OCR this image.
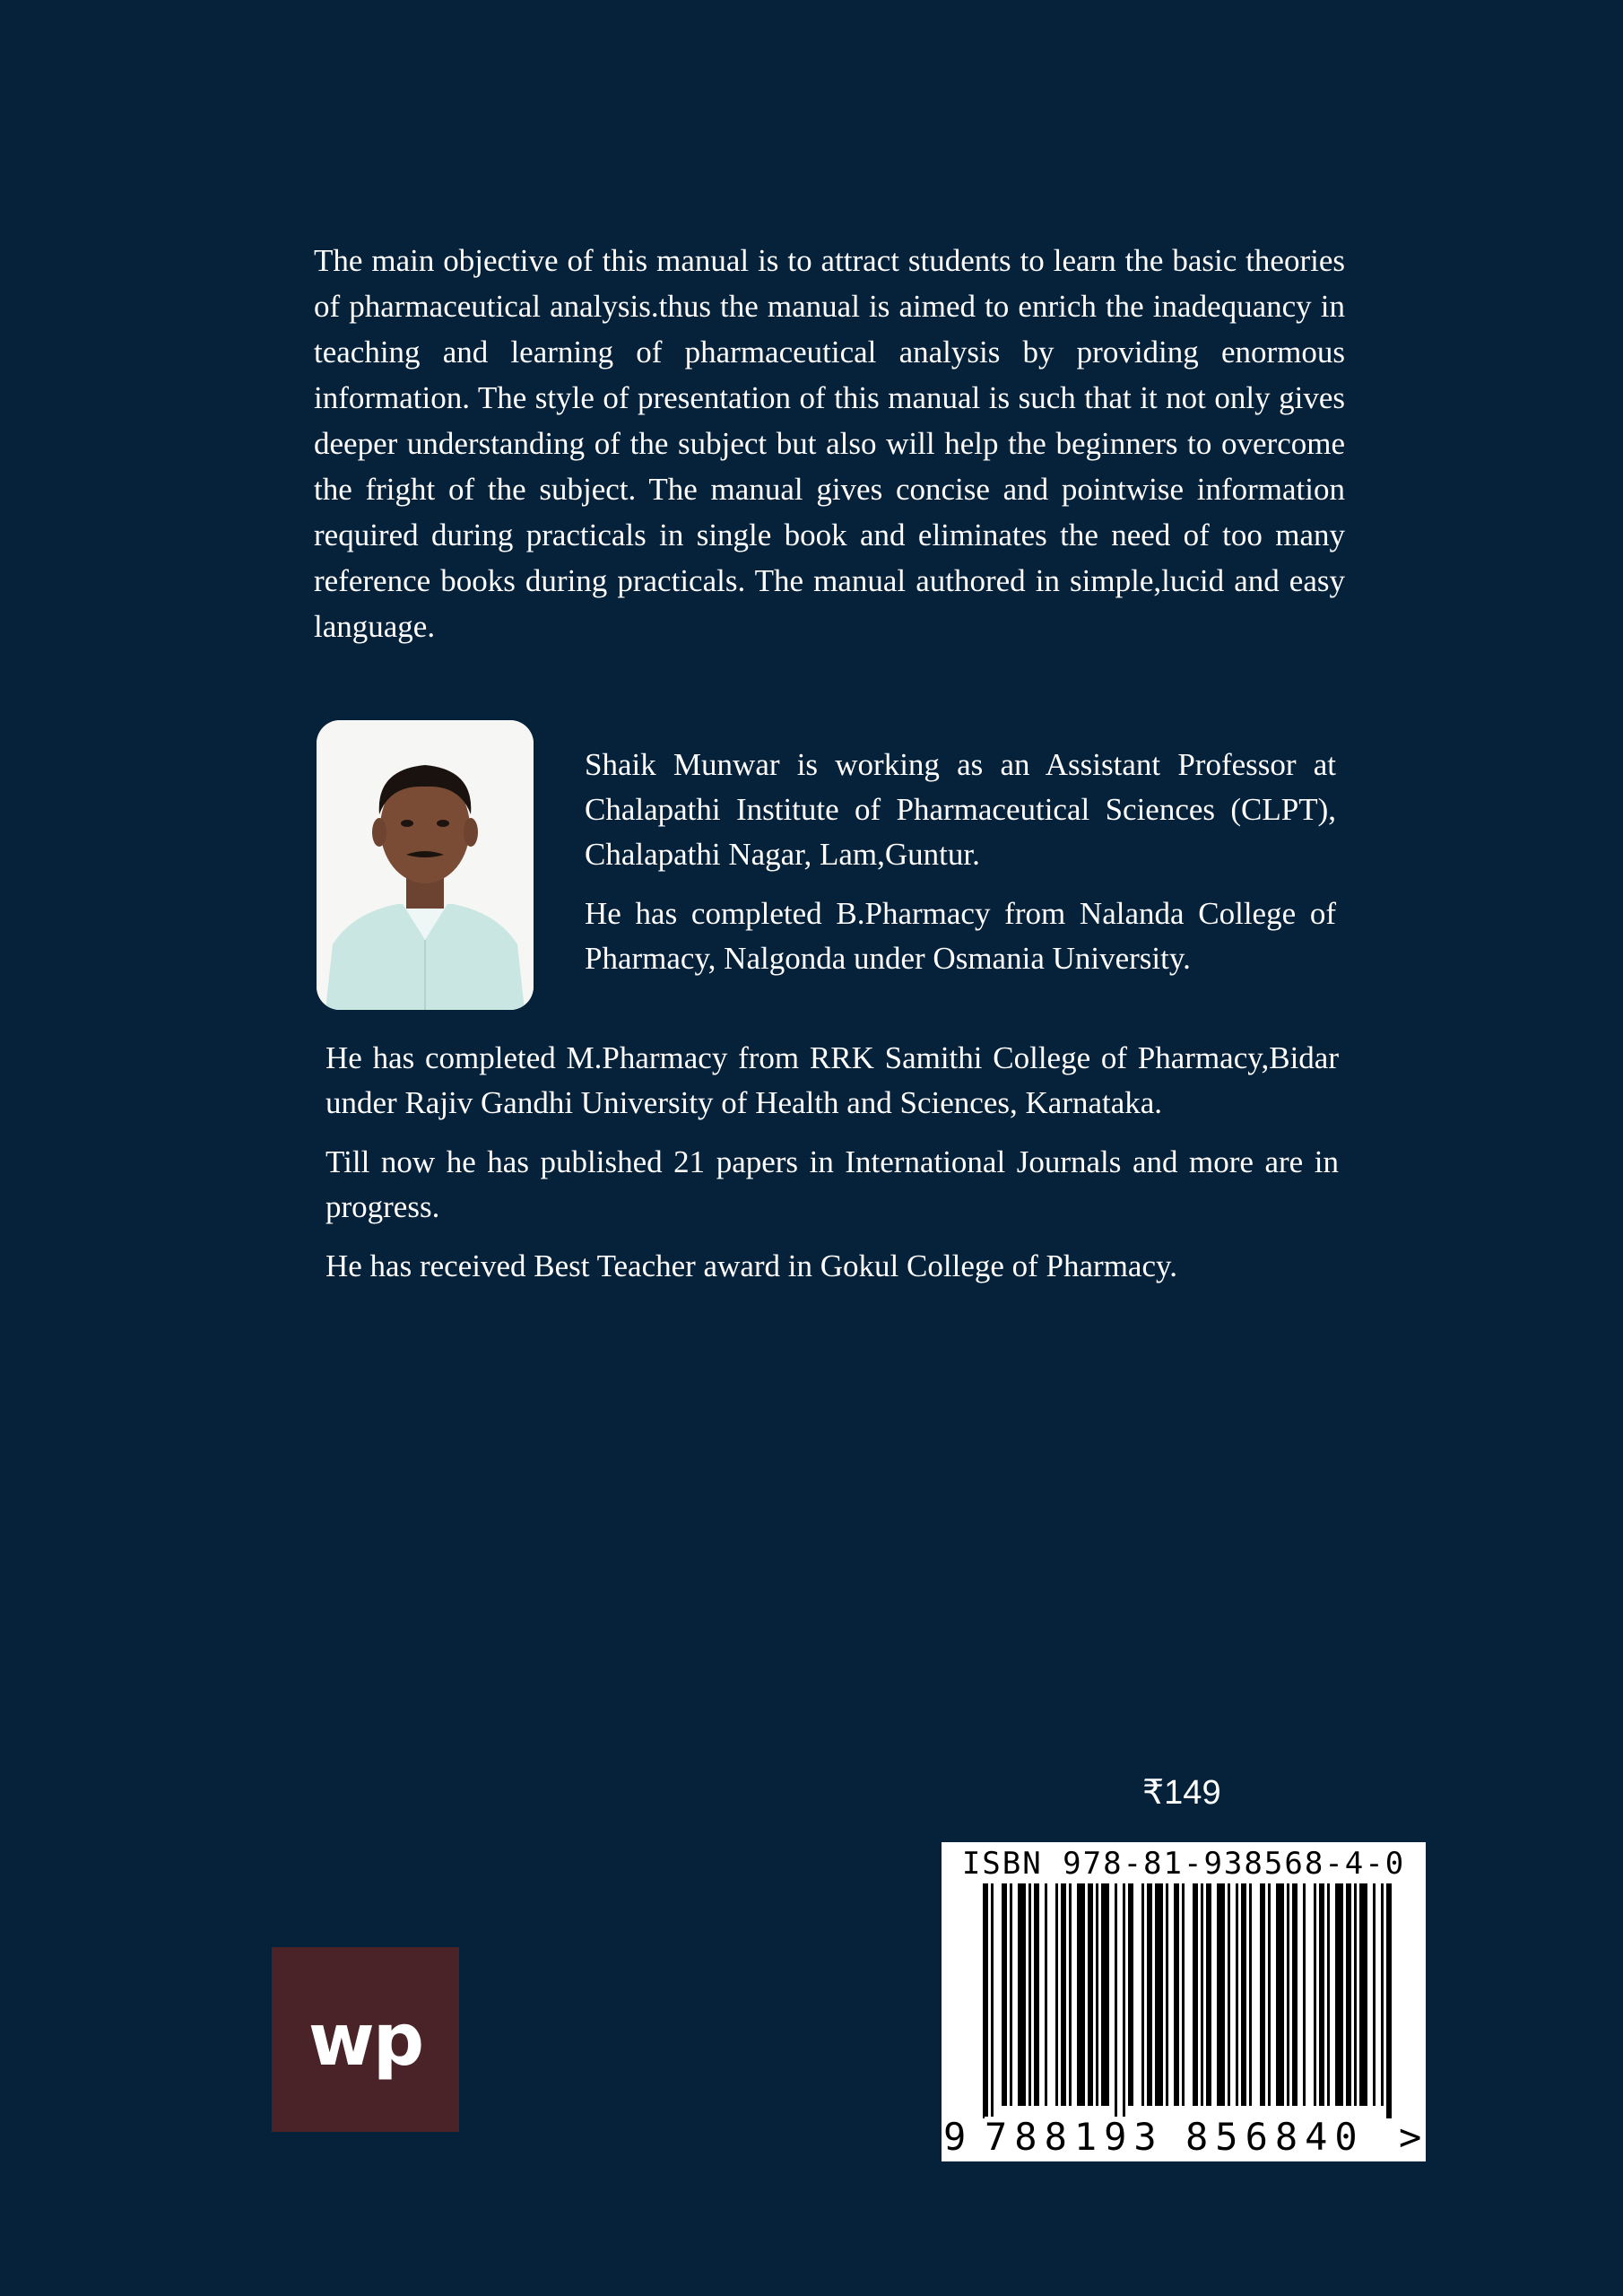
The main objective of this manual is to attract students to learn the basic theories of pharmaceutical analysis.thus the manual is aimed to enrich the inadequancy in teaching and learning of pharmaceutical analysis by providing enormous information. The style of presentation of this manual is such that it not only gives deeper understanding of the subject but also will help the beginners to overcome the fright of the subject. The manual gives concise and pointwise information required during practicals in single book and eliminates the need of too many reference books during practicals. The manual authored in simple,lucid and easy language.

Shaik Munwar is working as an Assistant Professor at Chalapathi Institute of Pharmaceutical Sciences (CLPT), Chalapathi Nagar, Lam,Guntur.

He has completed B.Pharmacy from Nalanda College of Pharmacy, Nalgonda under Osmania University.

He has completed M.Pharmacy from RRK Samithi College of Pharmacy,Bidar under Rajiv Gandhi University of Health and Sciences, Karnataka.

Till now he has published 21 papers in International Journals and more are in progress.

He has received Best Teacher award in Gokul College of Pharmacy.

₹149
ISBN 978-81-938568-4-0
9 788193 856840 >
wp
